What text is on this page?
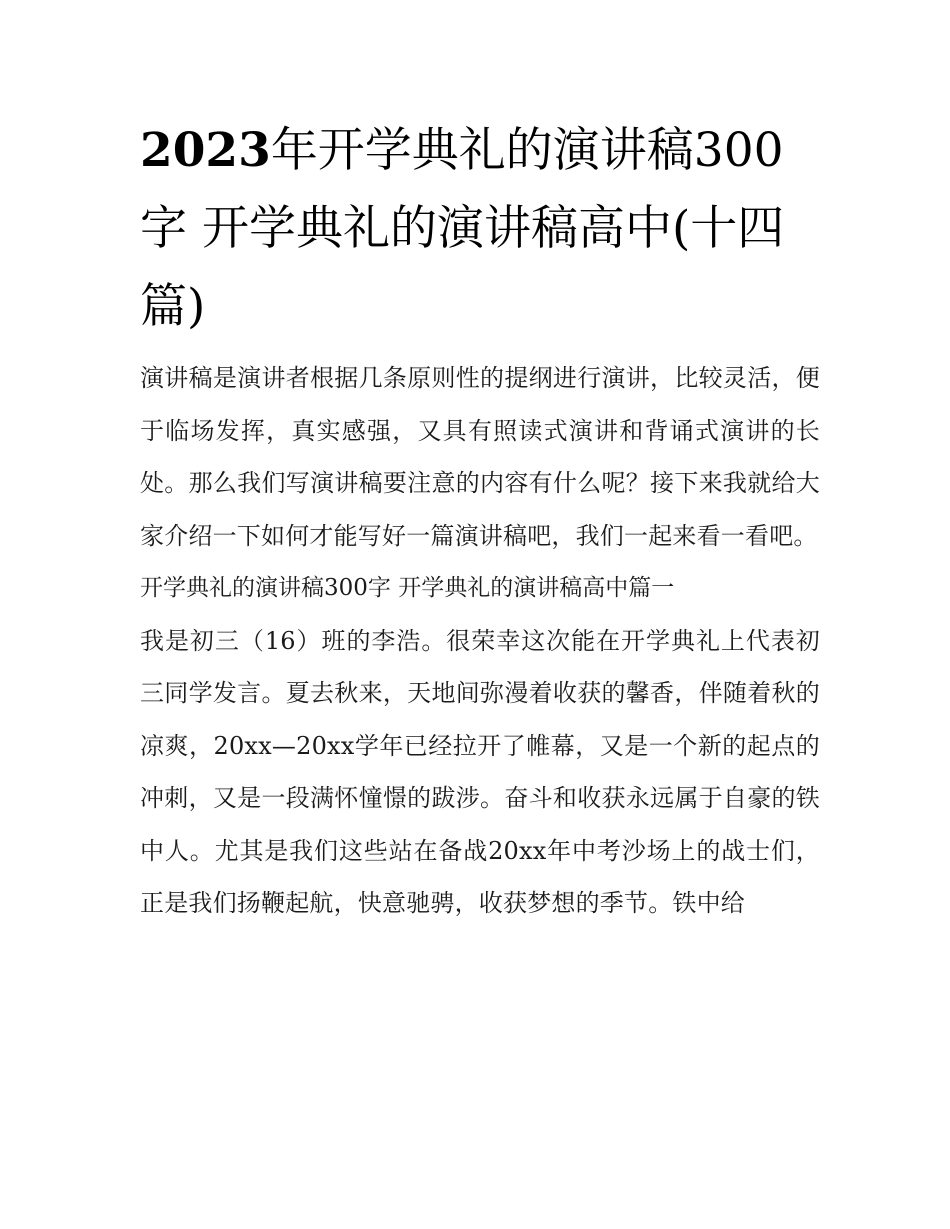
2023年开学典礼的演讲稿300字 开学典礼的演讲稿高中(十四篇)

演讲稿是演讲者根据几条原则性的提纲进行演讲，比较灵活，便于临场发挥，真实感强，又具有照读式演讲和背诵式演讲的长处。那么我们写演讲稿要注意的内容有什么呢？接下来我就给大家介绍一下如何才能写好一篇演讲稿吧，我们一起来看一看吧。

开学典礼的演讲稿300字 开学典礼的演讲稿高中篇一

我是初三（16）班的李浩。很荣幸这次能在开学典礼上代表初三同学发言。夏去秋来，天地间弥漫着收获的馨香，伴随着秋的凉爽，20xx—20xx学年已经拉开了帷幕，又是一个新的起点的冲刺，又是一段满怀憧憬的跋涉。奋斗和收获永远属于自豪的铁中人。尤其是我们这些站在备战20xx年中考沙场上的战士们，正是我们扬鞭起航，快意驰骋，收获梦想的季节。铁中给
